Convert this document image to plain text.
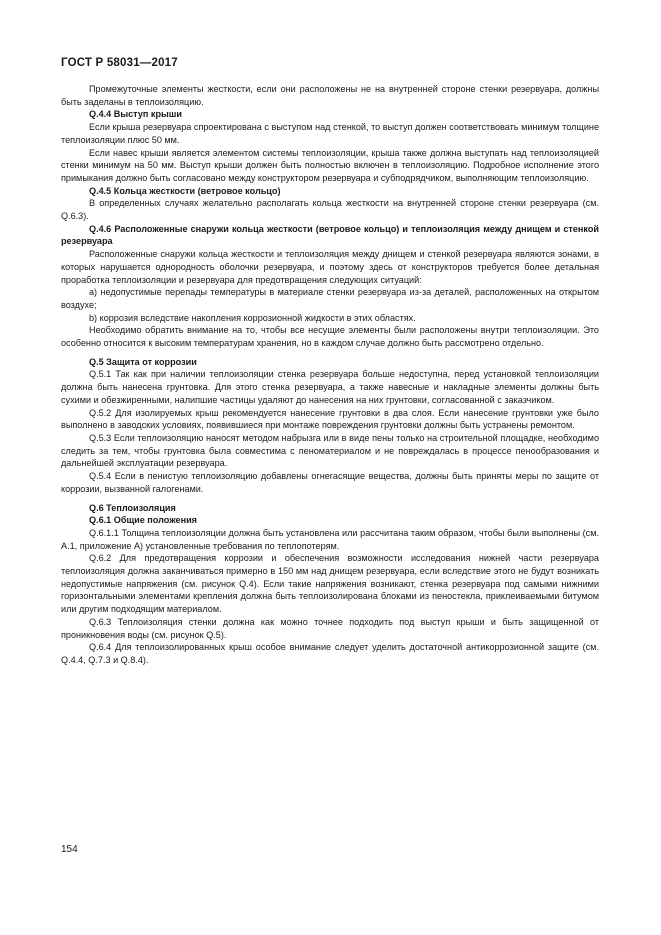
ГОСТ Р 58031—2017

Промежуточные элементы жесткости, если они расположены не на внутренней стороне стенки резервуара, должны быть заделаны в теплоизоляцию.

Q.4.4 Выступ крыши

Если крыша резервуара спроектирована с выступом над стенкой, то выступ должен соответствовать минимум толщине теплоизоляции плюс 50 мм.

Если навес крыши является элементом системы теплоизоляции, крыша также должна выступать над теплоизоляцией стенки минимум на 50 мм. Выступ крыши должен быть полностью включен в теплоизоляцию. Подробное исполнение этого примыкания должно быть согласовано между конструктором резервуара и субподрядчиком, выполняющим теплоизоляцию.

Q.4.5 Кольца жесткости (ветровое кольцо)

В определенных случаях желательно располагать кольца жесткости на внутренней стороне стенки резервуара (см. Q.6.3).

Q.4.6 Расположенные снаружи кольца жесткости (ветровое кольцо) и теплоизоляция между днищем и стенкой резервуара

Расположенные снаружи кольца жесткости и теплоизоляция между днищем и стенкой резервуара являются зонами, в которых нарушается однородность оболочки резервуара, и поэтому здесь от конструкторов требуется более детальная проработка теплоизоляции и резервуара для предотвращения следующих ситуаций:

а) недопустимые перепады температуры в материале стенки резервуара из-за деталей, расположенных на открытом воздухе;

b) коррозия вследствие накопления коррозионной жидкости в этих областях.

Необходимо обратить внимание на то, чтобы все несущие элементы были расположены внутри теплоизоляции. Это особенно относится к высоким температурам хранения, но в каждом случае должно быть рассмотрено отдельно.

Q.5 Защита от коррозии

Q.5.1 Так как при наличии теплоизоляции стенка резервуара больше недоступна, перед установкой теплоизоляции должна быть нанесена грунтовка. Для этого стенка резервуара, а также навесные и накладные элементы должны быть сухими и обезжиренными, налипшие частицы удаляют до нанесения на них грунтовки, согласованной с заказчиком.

Q.5.2 Для изолируемых крыш рекомендуется нанесение грунтовки в два слоя. Если нанесение грунтовки уже было выполнено в заводских условиях, появившиеся при монтаже повреждения грунтовки должны быть устранены ремонтом.

Q.5.3 Если теплоизоляцию наносят методом набрызга или в виде пены только на строительной площадке, необходимо следить за тем, чтобы грунтовка была совместима с пеноматериалом и не повреждалась в процессе пенообразования и дальнейшей эксплуатации резервуара.

Q.5.4 Если в пенистую теплоизоляцию добавлены огнегасящие вещества, должны быть приняты меры по защите от коррозии, вызванной галогенами.

Q.6 Теплоизоляция

Q.6.1 Общие положения

Q.6.1.1 Толщина теплоизоляции должна быть установлена или рассчитана таким образом, чтобы были выполнены (см. А.1, приложение А) установленные требования по теплопотерям.

Q.6.2 Для предотвращения коррозии и обеспечения возможности исследования нижней части резервуара теплоизоляция должна заканчиваться примерно в 150 мм над днищем резервуара, если вследствие этого не будут возникать недопустимые напряжения (см. рисунок Q.4). Если такие напряжения возникают, стенка резервуара под самыми нижними горизонтальными элементами крепления должна быть теплоизолирована блоками из пеностекла, приклеиваемыми битумом или другим подходящим материалом.

Q.6.3 Теплоизоляция стенки должна как можно точнее подходить под выступ крыши и быть защищенной от проникновения воды (см. рисунок Q.5).

Q.6.4 Для теплоизолированных крыш особое внимание следует уделить достаточной антикоррозионной защите (см. Q.4.4, Q.7.3 и Q.8.4).

154
